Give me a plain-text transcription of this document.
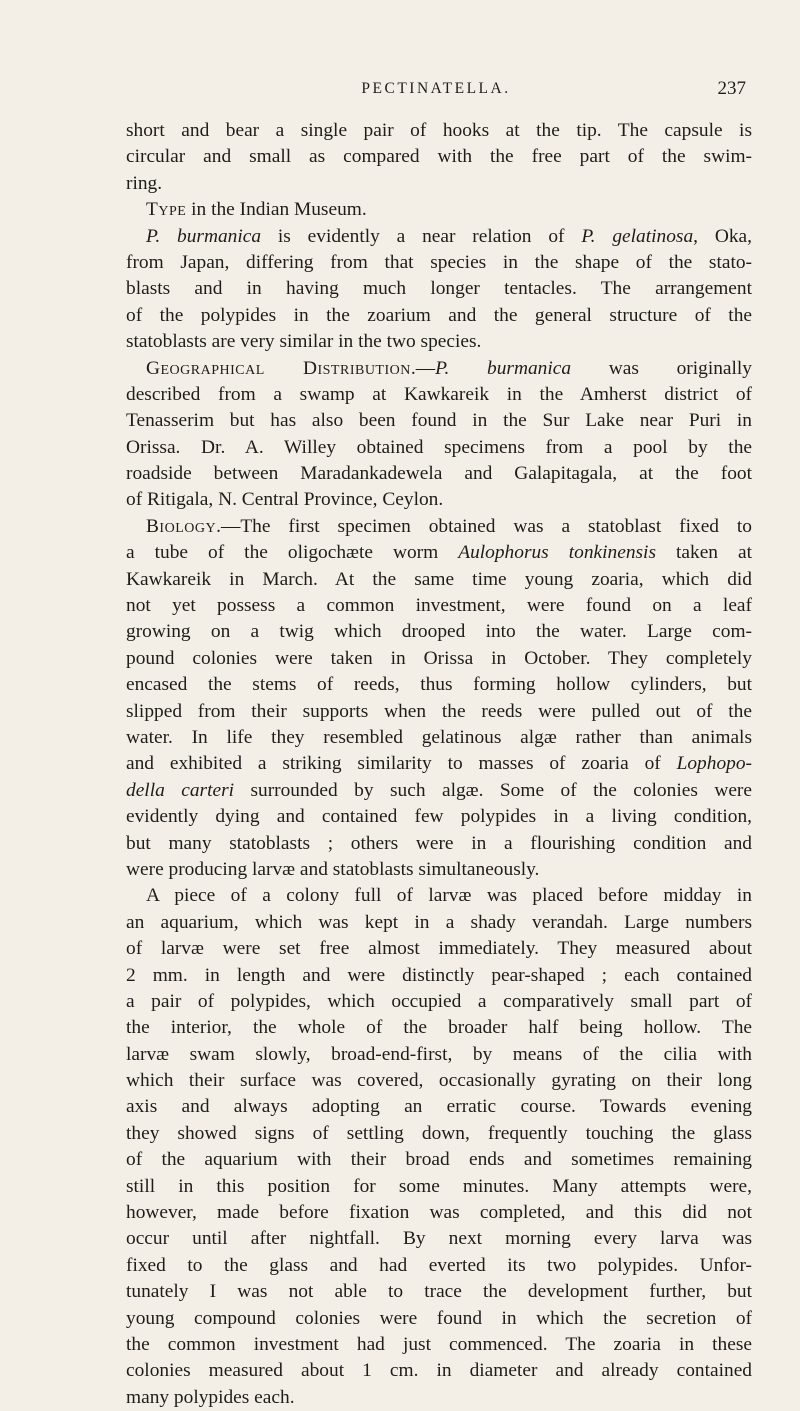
PECTINATELLA.	237
short and bear a single pair of hooks at the tip. The capsule is
circular and small as compared with the free part of the swim-
ring.
Type in the Indian Museum.
P. burmanica is evidently a near relation of P. gelatinosa, Oka,
from Japan, differing from that species in the shape of the stato-
blasts and in having much longer tentacles. The arrangement
of the polypides in the zoarium and the general structure of the
statoblasts are very similar in the two species.
Geographical Distribution.—P. burmanica was originally
described from a swamp at Kawkareik in the Amherst district of
Tenasserim but has also been found in the Sur Lake near Puri in
Orissa. Dr. A. Willey obtained specimens from a pool by the
roadside between Maradankadewela and Galapitagala, at the foot
of Ritigala, N. Central Province, Ceylon.
Biology.—The first specimen obtained was a statoblast fixed to
a tube of the oligochæte worm Aulophorus tonkinensis taken at
Kawkareik in March. At the same time young zoaria, which did
not yet possess a common investment, were found on a leaf
growing on a twig which drooped into the water. Large com-
pound colonies were taken in Orissa in October. They completely
encased the stems of reeds, thus forming hollow cylinders, but
slipped from their supports when the reeds were pulled out of the
water. In life they resembled gelatinous algæ rather than animals
and exhibited a striking similarity to masses of zoaria of Lophopo-
della carteri surrounded by such algæ. Some of the colonies were
evidently dying and contained few polypides in a living condition,
but many statoblasts ; others were in a flourishing condition and
were producing larvæ and statoblasts simultaneously.
A piece of a colony full of larvæ was placed before midday in
an aquarium, which was kept in a shady verandah. Large numbers
of larvæ were set free almost immediately. They measured about
2 mm. in length and were distinctly pear-shaped ; each contained
a pair of polypides, which occupied a comparatively small part of
the interior, the whole of the broader half being hollow. The
larvæ swam slowly, broad-end-first, by means of the cilia with
which their surface was covered, occasionally gyrating on their long
axis and always adopting an erratic course. Towards evening
they showed signs of settling down, frequently touching the glass
of the aquarium with their broad ends and sometimes remaining
still in this position for some minutes. Many attempts were,
however, made before fixation was completed, and this did not
occur until after nightfall. By next morning every larva was
fixed to the glass and had everted its two polypides. Unfor-
tunately I was not able to trace the development further, but
young compound colonies were found in which the secretion of
the common investment had just commenced. The zoaria in these
colonies measured about 1 cm. in diameter and already contained
many polypides each.
